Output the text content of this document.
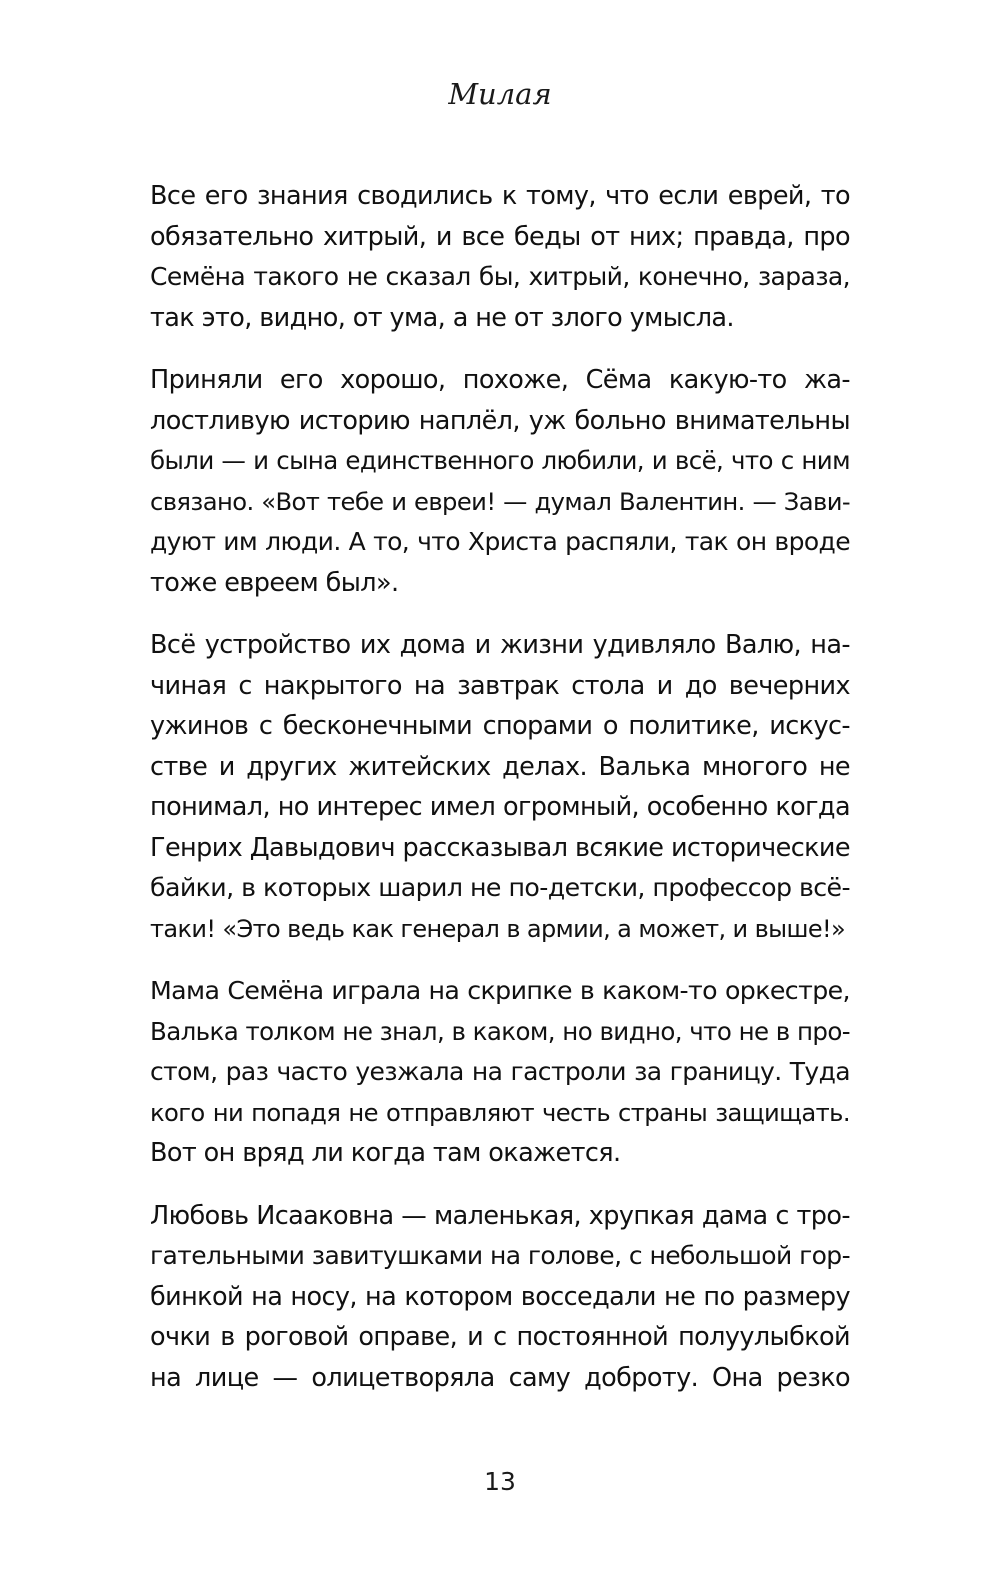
Милая
Все его знания сводились к тому, что если еврей, то
обязательно хитрый, и все беды от них; правда, про
Семёна такого не сказал бы, хитрый, конечно, зараза,
так это, видно, от ума, а не от злого умысла.
Приняли его хорошо, похоже, Сёма какую-то жа-
лостливую историю наплёл, уж больно внимательны
были — и сына единственного любили, и всё, что с ним
связано. «Вот тебе и евреи! — думал Валентин. — Зави-
дуют им люди. А то, что Христа распяли, так он вроде
тоже евреем был».
Всё устройство их дома и жизни удивляло Валю, на-
чиная с накрытого на завтрак стола и до вечерних
ужинов с бесконечными спорами о политике, искус-
стве и других житейских делах. Валька многого не
понимал, но интерес имел огромный, особенно когда
Генрих Давыдович рассказывал всякие исторические
байки, в которых шарил не по-детски, профессор всё-
таки! «Это ведь как генерал в армии, а может, и выше!»
Мама Семёна играла на скрипке в каком-то оркестре,
Валька толком не знал, в каком, но видно, что не в про-
стом, раз часто уезжала на гастроли за границу. Туда
кого ни попадя не отправляют честь страны защищать.
Вот он вряд ли когда там окажется.
Любовь Исааковна — маленькая, хрупкая дама с тро-
гательными завитушками на голове, с небольшой гор-
бинкой на носу, на котором восседали не по размеру
очки в роговой оправе, и с постоянной полуулыбкой
на лице — олицетворяла саму доброту. Она резко
13
